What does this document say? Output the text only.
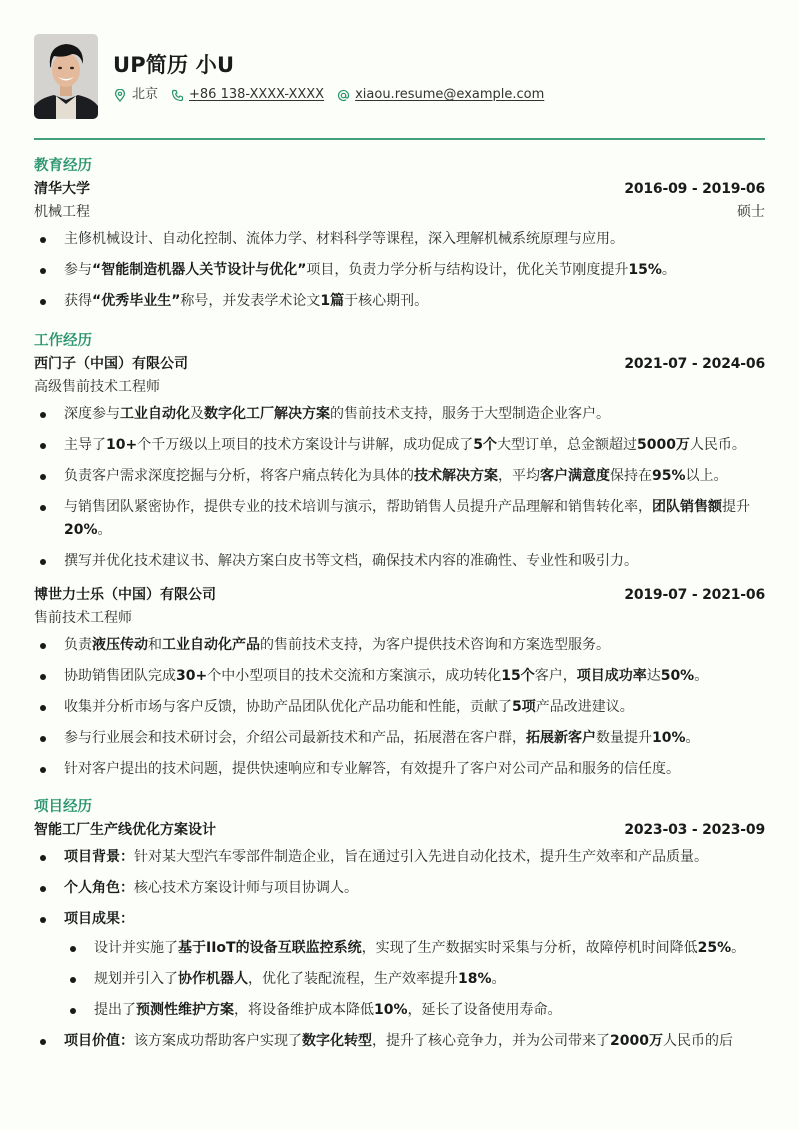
UP简历 小U
北京 +86 138-XXXX-XXXX xiaou.resume@example.com
教育经历
清华大学	2016-09 - 2019-06
机械工程	硕士
主修机械设计、自动化控制、流体力学、材料科学等课程，深入理解机械系统原理与应用。
参与“智能制造机器人关节设计与优化”项目，负责力学分析与结构设计，优化关节刚度提升15%。
获得“优秀毕业生”称号，并发表学术论文1篇于核心期刊。
工作经历
西门子（中国）有限公司	2021-07 - 2024-06
高级售前技术工程师
深度参与工业自动化及数字化工厂解决方案的售前技术支持，服务于大型制造企业客户。
主导了10+个千万级以上项目的技术方案设计与讲解，成功促成了5个大型订单，总金额超过5000万人民币。
负责客户需求深度挖掘与分析，将客户痛点转化为具体的技术解决方案，平均客户满意度保持在95%以上。
与销售团队紧密协作，提供专业的技术培训与演示，帮助销售人员提升产品理解和销售转化率，团队销售额提升20%。
撰写并优化技术建议书、解决方案白皮书等文档，确保技术内容的准确性、专业性和吸引力。
博世力士乐（中国）有限公司	2019-07 - 2021-06
售前技术工程师
负责液压传动和工业自动化产品的售前技术支持，为客户提供技术咨询和方案选型服务。
协助销售团队完成30+个中小型项目的技术交流和方案演示，成功转化15个客户，项目成功率达50%。
收集并分析市场与客户反馈，协助产品团队优化产品功能和性能，贡献了5项产品改进建议。
参与行业展会和技术研讨会，介绍公司最新技术和产品，拓展潜在客户群，拓展新客户数量提升10%。
针对客户提出的技术问题，提供快速响应和专业解答，有效提升了客户对公司产品和服务的信任度。
项目经历
智能工厂生产线优化方案设计	2023-03 - 2023-09
项目背景：针对某大型汽车零部件制造企业，旨在通过引入先进自动化技术，提升生产效率和产品质量。
个人角色：核心技术方案设计师与项目协调人。
项目成果：
设计并实施了基于IIoT的设备互联监控系统，实现了生产数据实时采集与分析，故障停机时间降低25%。
规划并引入了协作机器人，优化了装配流程，生产效率提升18%。
提出了预测性维护方案，将设备维护成本降低10%，延长了设备使用寿命。
项目价值：该方案成功帮助客户实现了数字化转型，提升了核心竞争力，并为公司带来了2000万人民币的后
